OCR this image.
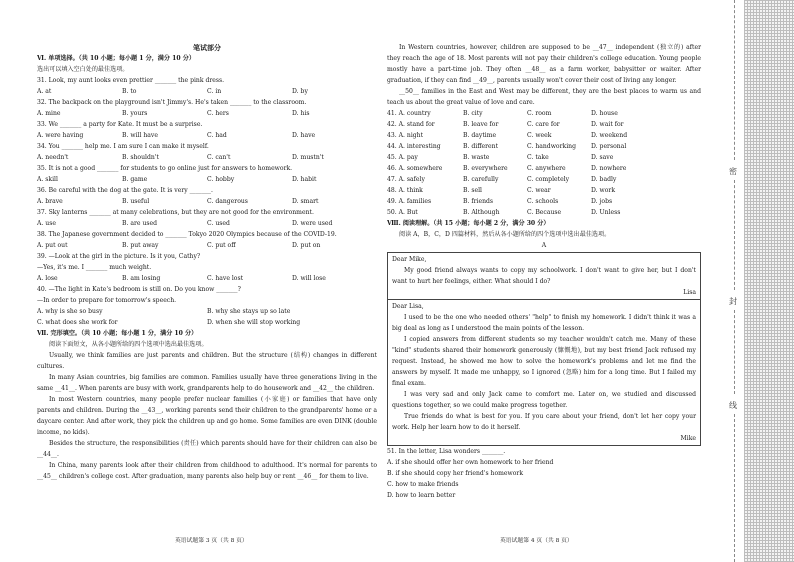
笔试部分
Ⅵ. 单项选择。（共 10 小题；每小题 1 分，满分 10 分）
选出可以填入空白处的最佳选项。
31. Look, my aunt looks even prettier _______ the pink dress.
A. at	B. to	C. in	D. by
32. The backpack on the playground isn't Jimmy's. He's taken _______ to the classroom.
A. mine	B. yours	C. hers	D. his
33. We _______ a party for Kate. It must be a surprise.
A. were having	B. will have	C. had	D. have
34. You _______ help me. I am sure I can make it myself.
A. needn't	B. shouldn't	C. can't	D. mustn't
35. It is not a good _______ for students to go online just for answers to homework.
A. skill	B. game	C. hobby	D. habit
36. Be careful with the dog at the gate. It is very _______.
A. brave	B. useful	C. dangerous	D. smart
37. Sky lanterns _______ at many celebrations, but they are not good for the environment.
A. use	B. are used	C. used	D. were used
38. The Japanese government decided to _______ Tokyo 2020 Olympics because of the COVID-19.
A. put out	B. put away	C. put off	D. put on
39. —Look at the girl in the picture. Is it you, Cathy?
—Yes, it's me. I _______ much weight.
A. lose	B. am losing	C. have lost	D. will lose
40. —The light in Kate's bedroom is still on. Do you know _______?
—In order to prepare for tomorrow's speech.
A. why is she so busy	B. why she stays up so late
C. what does she work for	D. when she will stop working
Ⅶ. 完形填空。（共 10 小题；每小题 1 分，满分 10 分）
阅读下面短文，从各小题所给的四个选项中选出最佳选项。
Usually, we think families are just parents and children. But the structure (结构) changes in different cultures.
In many Asian countries, big families are common. Families usually have three generations living in the same __41__. When parents are busy with work, grandparents help to do housework and __42__ the children.
In most Western countries, many people prefer nuclear families (小家庭) or families that have only parents and children. During the __43__, working parents send their children to the grandparents' home or a daycare center. And after work, they pick the children up and go home. Some families are even DINK (double income, no kids).
Besides the structure, the responsibilities (责任) which parents should have for their children can also be __44__.
In China, many parents look after their children from childhood to adulthood. It's normal for parents to __45__ children's college cost. After graduation, many parents also help buy or rent __46__ for them to live.
In Western countries, however, children are supposed to be __47__ independent (独立的) after they reach the age of 18. Most parents will not pay their children's college education. Young people mostly have a part-time job. They often __48__ as a farm worker, babysitter or waiter. After graduation, if they can find __49__, parents usually won't cover their cost of living any longer.
__50__ families in the East and West may be different, they are the best places to warm us and teach us about the great value of love and care.
41. A. country	B. city	C. room	D. house
42. A. stand for	B. leave for	C. care for	D. wait for
43. A. night	B. daytime	C. week	D. weekend
44. A. interesting	B. different	C. handworking	D. personal
45. A. pay	B. waste	C. take	D. save
46. A. somewhere	B. everywhere	C. anywhere	D. nowhere
47. A. safely	B. carefully	C. completely	D. badly
48. A. think	B. sell	C. wear	D. work
49. A. families	B. friends	C. schools	D. jobs
50. A. But	B. Although	C. Because	D. Unless
Ⅷ. 阅读理解。（共 15 小题；每小题 2 分，满分 30 分）
阅读 A，B，C，D 四篇材料，然后从各小题所给的四个选项中选出最佳选项。
A
Dear Mike,
My good friend always wants to copy my schoolwork. I don't want to give her, but I don't want to hurt her feelings, either. What should I do?
Lisa
Dear Lisa,
I used to be the one who needed others' "help" to finish my homework. I didn't think it was a big deal as long as I understood the main points of the lesson.
I copied answers from different students so my teacher wouldn't catch me. Many of these "kind" students shared their homework generously (慷慨地), but my best friend Jack refused my request. Instead, he showed me how to solve the homework's problems and let me find the answers by myself. It made me unhappy, so I ignored (忽略) him for a long time. But I failed my final exam.
I was very sad and only Jack came to comfort me. Later on, we studied and discussed questions together, so we could make progress together.
True friends do what is best for you. If you care about your friend, don't let her copy your work. Help her learn how to do it herself.
Mike
51. In the letter, Lisa wonders _______.
A. if she should offer her own homework to her friend
B. if she should copy her friend's homework
C. how to make friends
D. how to learn better
英语试题第 3 页（共 8 页）	英语试题第 4 页（共 8 页）
密
封
线
